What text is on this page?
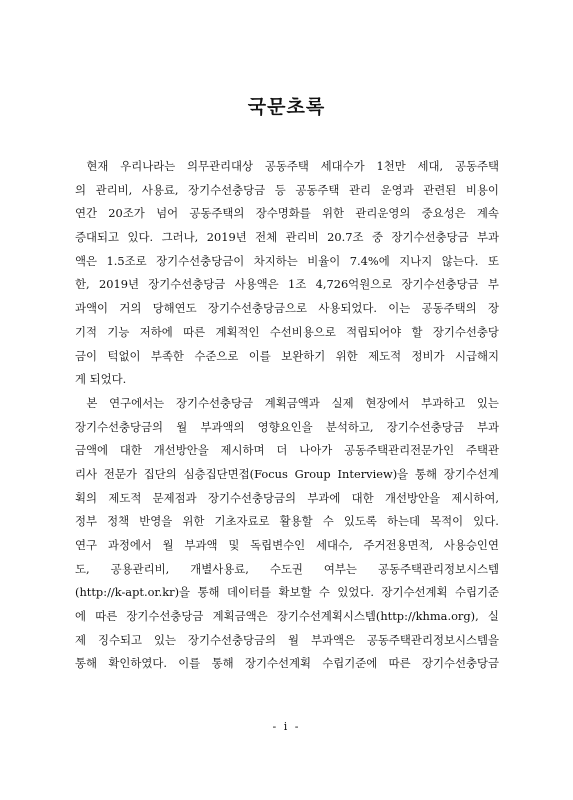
국문초록
　현재 우리나라는 의무관리대상 공동주택 세대수가 1천만 세대, 공동주택
의 관리비, 사용료, 장기수선충당금 등 공동주택 관리 운영과 관련된 비용이
연간 20조가 넘어 공동주택의 장수명화를 위한 관리운영의 중요성은 계속
증대되고 있다. 그러나, 2019년 전체 관리비 20.7조 중 장기수선충당금 부과
액은 1.5조로 장기수선충당금이 차지하는 비율이 7.4%에 지나지 않는다. 또
한, 2019년 장기수선충당금 사용액은 1조 4,726억원으로 장기수선충당금 부
과액이 거의 당해연도 장기수선충당금으로 사용되었다. 이는 공동주택의 장
기적 기능 저하에 따른 계획적인 수선비용으로 적립되어야 할 장기수선충당
금이 턱없이 부족한 수준으로 이를 보완하기 위한 제도적 정비가 시급해지
게 되었다.
　본 연구에서는 장기수선충당금 계획금액과 실제 현장에서 부과하고 있는
장기수선충당금의 월 부과액의 영향요인을 분석하고, 장기수선충당금 부과
금액에 대한 개선방안을 제시하며 더 나아가 공동주택관리전문가인 주택관
리사 전문가 집단의 심층집단면접(Focus Group Interview)을 통해 장기수선계
획의 제도적 문제점과 장기수선충당금의 부과에 대한 개선방안을 제시하여,
정부 정책 반영을 위한 기초자료로 활용할 수 있도록 하는데 목적이 있다.
연구 과정에서 월 부과액 및 독립변수인 세대수, 주거전용면적, 사용승인연
도, 공용관리비, 개별사용료, 수도권 여부는 공동주택관리정보시스템
(http://k-apt.or.kr)을 통해 데이터를 확보할 수 있었다. 장기수선계획 수립기준
에 따른 장기수선충당금 계획금액은 장기수선계획시스템(http://khma.org), 실
제 징수되고 있는 장기수선충당금의 월 부과액은 공동주택관리정보시스템을
통해 확인하였다. 이를 통해 장기수선계획 수립기준에 따른 장기수선충당금
- i -
